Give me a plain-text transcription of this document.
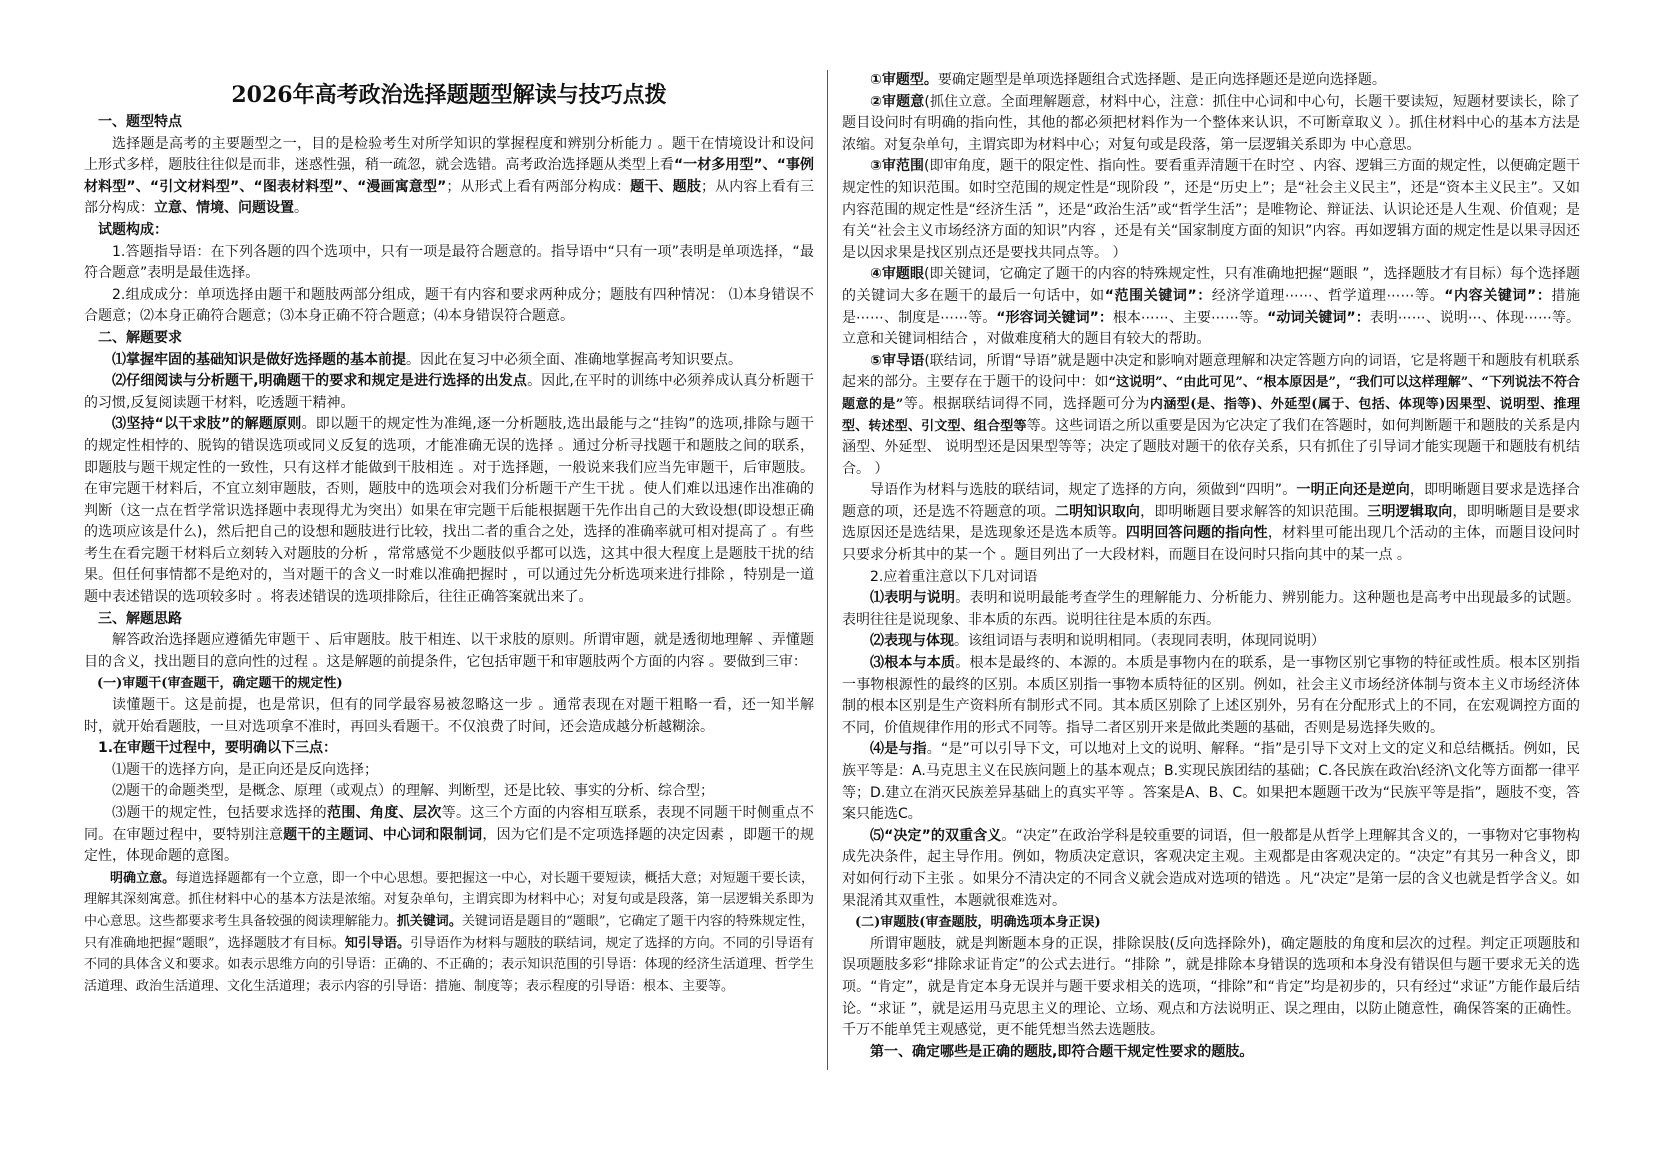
2026年高考政治选择题题型解读与技巧点拨

一、题型特点

选择题是高考的主要题型之一，目的是检验考生对所学知识的掌握程度和辨别分析能力 。题干在情境设计和设问上形式多样，题肢往往似是而非，迷惑性强，稍一疏忽，就会选错。高考政治选择题从类型上看“一材多用型”、“事例材料型”、“引文材料型”、“图表材料型”、“漫画寓意型”；从形式上看有两部分构成：题干、题肢；从内容上看有三部分构成：立意、情境、问题设置。

试题构成：

1.答题指导语：在下列各题的四个选项中，只有一项是最符合题意的。指导语中“只有一项”表明是单项选择，“最符合题意”表明是最佳选择。

2.组成成分：单项选择由题干和题肢两部分组成，题干有内容和要求两种成分；题肢有四种情况： ⑴本身错误不合题意；⑵本身正确符合题意；⑶本身正确不符合题意；⑷本身错误符合题意。

二、解题要求

⑴掌握牢固的基础知识是做好选择题的基本前提。因此在复习中必须全面、准确地掌握高考知识要点。

⑵仔细阅读与分析题干,明确题干的要求和规定是进行选择的出发点。因此,在平时的训练中必须养成认真分析题干的习惯,反复阅读题干材料，吃透题干精神。

⑶坚持“以干求肢”的解题原则。即以题干的规定性为准绳,逐一分析题肢,选出最能与之“挂钩”的选项,排除与题干的规定性相悖的、脱钩的错误选项或同义反复的选项，才能准确无误的选择 。通过分析寻找题干和题肢之间的联系，即题肢与题干规定性的一致性，只有这样才能做到干肢相连 。对于选择题，一般说来我们应当先审题干，后审题肢。在审完题干材料后，不宜立刻审题肢，否则，题肢中的选项会对我们分析题干产生干扰 。使人们难以迅速作出准确的判断（这一点在哲学常识选择题中表现得尤为突出）如果在审完题干后能根据题干先作出自己的大致设想(即设想正确的选项应该是什么)，然后把自己的设想和题肢进行比较，找出二者的重合之处，选择的准确率就可相对提高了 。有些考生在看完题干材料后立刻转入对题肢的分析 ，常常感觉不少题肢似乎都可以选，这其中很大程度上是题肢干扰的结果。但任何事情都不是绝对的，当对题干的含义一时难以准确把握时 ，可以通过先分析选项来进行排除 ，特别是一道题中表述错误的选项较多时 。将表述错误的选项排除后，往往正确答案就出来了。

三、解题思路

解答政治选择题应遵循先审题干 、后审题肢。肢干相连、以干求肢的原则。所谓审题，就是透彻地理解 、弄懂题目的含义，找出题目的意向性的过程 。这是解题的前提条件，它包括审题干和审题肢两个方面的内容 。要做到三审：

(一)审题干(审查题干，确定题干的规定性)

读懂题干。这是前提，也是常识，但有的同学最容易被忽略这一步 。通常表现在对题干粗略一看，还一知半解时，就开始看题肢，一旦对选项拿不准时，再回头看题干。不仅浪费了时间，还会造成越分析越糊涂。

1.在审题干过程中，要明确以下三点：

⑴题干的选择方向，是正向还是反向选择；

⑵题干的命题类型，是概念、原理（或观点）的理解、判断型，还是比较、事实的分析、综合型；

⑶题干的规定性，包括要求选择的范围、角度、层次等。这三个方面的内容相互联系，表现不同题干时侧重点不同。在审题过程中，要特别注意题干的主题词、中心词和限制词，因为它们是不定项选择题的决定因素 ，即题干的规定性，体现命题的意图。

明确立意。每道选择题都有一个立意，即一个中心思想。要把握这一中心，对长题干要短读，概括大意；对短题干要长读，理解其深刻寓意。抓住材料中心的基本方法是浓缩。对复杂单句，主谓宾即为材料中心；对复句或是段落，第一层逻辑关系即为中心意思。这些都要求考生具备较强的阅读理解能力。抓关键词。关键词语是题目的“题眼”，它确定了题干内容的特殊规定性，只有准确地把握“题眼”，选择题肢才有目标。知引导语。引导语作为材料与题肢的联结词，规定了选择的方向。不同的引导语有不同的具体含义和要求。如表示思维方向的引导语：正确的、不正确的；表示知识范围的引导语：体现的经济生活道理、哲学生活道理、政治生活道理、文化生活道理；表示内容的引导语：措施、制度等；表示程度的引导语：根本、主要等。

①审题型。要确定题型是单项选择题组合式选择题、是正向选择题还是逆向选择题。

②审题意(抓住立意。全面理解题意，材料中心，注意：抓住中心词和中心句，长题干要读短，短题材要读长，除了题目设问时有明确的指向性，其他的都必须把材料作为一个整体来认识，不可断章取义 ）。抓住材料中心的基本方法是浓缩。对复杂单句，主谓宾即为材料中心；对复句或是段落，第一层逻辑关系即为 中心意思。

③审范围(即审角度，题干的限定性、指向性。要看重弄清题干在时空 、内容、逻辑三方面的规定性，以便确定题干规定性的知识范围。如时空范围的规定性是“现阶段 ”，还是“历史上”；是“社会主义民主”，还是“资本主义民主”。又如内容范围的规定性是“经济生活 ”，还是“政治生活”或“哲学生活”；是唯物论、辩证法、认识论还是人生观、价值观；是有关“社会主义市场经济方面的知识”内容 ，还是有关“国家制度方面的知识”内容。再如逻辑方面的规定性是以果寻因还是以因求果是找区别点还是要找共同点等。 ）

④审题眼(即关键词，它确定了题干的内容的特殊规定性，只有准确地把握“题眼 ”，选择题肢才有目标）每个选择题的关键词大多在题干的最后一句话中，如“范围关键词”：经济学道理⋯⋯、哲学道理⋯⋯等。“内容关键词”：措施是⋯⋯、制度是⋯⋯等。“形容词关键词”：根本⋯⋯、主要⋯⋯等。“动词关键词”：表明⋯⋯、说明⋯、体现⋯⋯等。立意和关键词相结合 ，对做难度稍大的题目有较大的帮助。

⑤审导语(联结词，所谓“导语”就是题中决定和影响对题意理解和决定答题方向的词语，它是将题干和题肢有机联系起来的部分。主要存在于题干的设问中：如“这说明”、“由此可见”、“根本原因是”，“我们可以这样理解”、“下列说法不符合题意的是”等。根据联结词得不同，选择题可分为内涵型(是、指等)、外延型(属于、包括、体现等)因果型、说明型、推理型、转述型、引文型、组合型等等。这些词语之所以重要是因为它决定了我们在答题时，如何判断题干和题肢的关系是内涵型、外延型、 说明型还是因果型等等；决定了题肢对题干的依存关系，只有抓住了引导词才能实现题干和题肢有机结合。 ）

导语作为材料与选肢的联结词，规定了选择的方向，须做到“四明”。一明正向还是逆向，即明晰题目要求是选择合题意的项，还是选不符题意的项。二明知识取向，即明晰题目要求解答的知识范围。三明逻辑取向，即明晰题目是要求选原因还是选结果，是选现象还是选本质等。四明回答问题的指向性，材料里可能出现几个活动的主体，而题目设问时只要求分析其中的某一个 。题目列出了一大段材料，而题目在设问时只指向其中的某一点 。

2.应着重注意以下几对词语

⑴表明与说明。表明和说明最能考查学生的理解能力、分析能力、辨别能力。这种题也是高考中出现最多的试题。表明往往是说现象、非本质的东西。说明往往是本质的东西。

⑵表现与体现。该组词语与表明和说明相同。（表现同表明，体现同说明）

⑶根本与本质。根本是最终的、本源的。本质是事物内在的联系，是一事物区别它事物的特征或性质。根本区别指一事物根源性的最终的区别。本质区别指一事物本质特征的区别。例如，社会主义市场经济体制与资本主义市场经济体制的根本区别是生产资料所有制形式不同。其本质区别除了上述区别外，另有在分配形式上的不同，在宏观调控方面的不同，价值规律作用的形式不同等。指导二者区别开来是做此类题的基础，否则是易选择失败的。

⑷是与指。“是”可以引导下文，可以地对上文的说明、解释。“指”是引导下文对上文的定义和总结概括。例如，民族平等是：A.马克思主义在民族问题上的基本观点；B.实现民族团结的基础；C.各民族在政治\经济\文化等方面都一律平等；D.建立在消灭民族差异基础上的真实平等 。答案是A、B、C。如果把本题题干改为“民族平等是指”，题肢不变，答案只能选C。

⑸“决定”的双重含义。“决定”在政治学科是较重要的词语，但一般都是从哲学上理解其含义的，一事物对它事物构成先决条件，起主导作用。例如，物质决定意识，客观决定主观。主观都是由客观决定的。“决定”有其另一种含义，即对如何行动下主张 。如果分不清决定的不同含义就会造成对选项的错选 。凡“决定”是第一层的含义也就是哲学含义。如果混淆其双重性，本题就很难选对。

(二)审题肢(审查题肢，明确选项本身正误)

所谓审题肢，就是判断题本身的正误，排除误肢(反向选择除外)，确定题肢的角度和层次的过程。判定正项题肢和误项题肢多彩“排除求证肯定”的公式去进行。“排除 ”，就是排除本身错误的选项和本身没有错误但与题干要求无关的选项。“肯定”，就是肯定本身无误并与题干要求相关的选项，“排除”和“肯定”均是初步的，只有经过“求证”方能作最后结论。“求证 ”，就是运用马克思主义的理论、立场、观点和方法说明正、误之理由，以防止随意性，确保答案的正确性。千万不能单凭主观感觉，更不能凭想当然去选题肢。

第一、确定哪些是正确的题肢,即符合题干规定性要求的题肢。
